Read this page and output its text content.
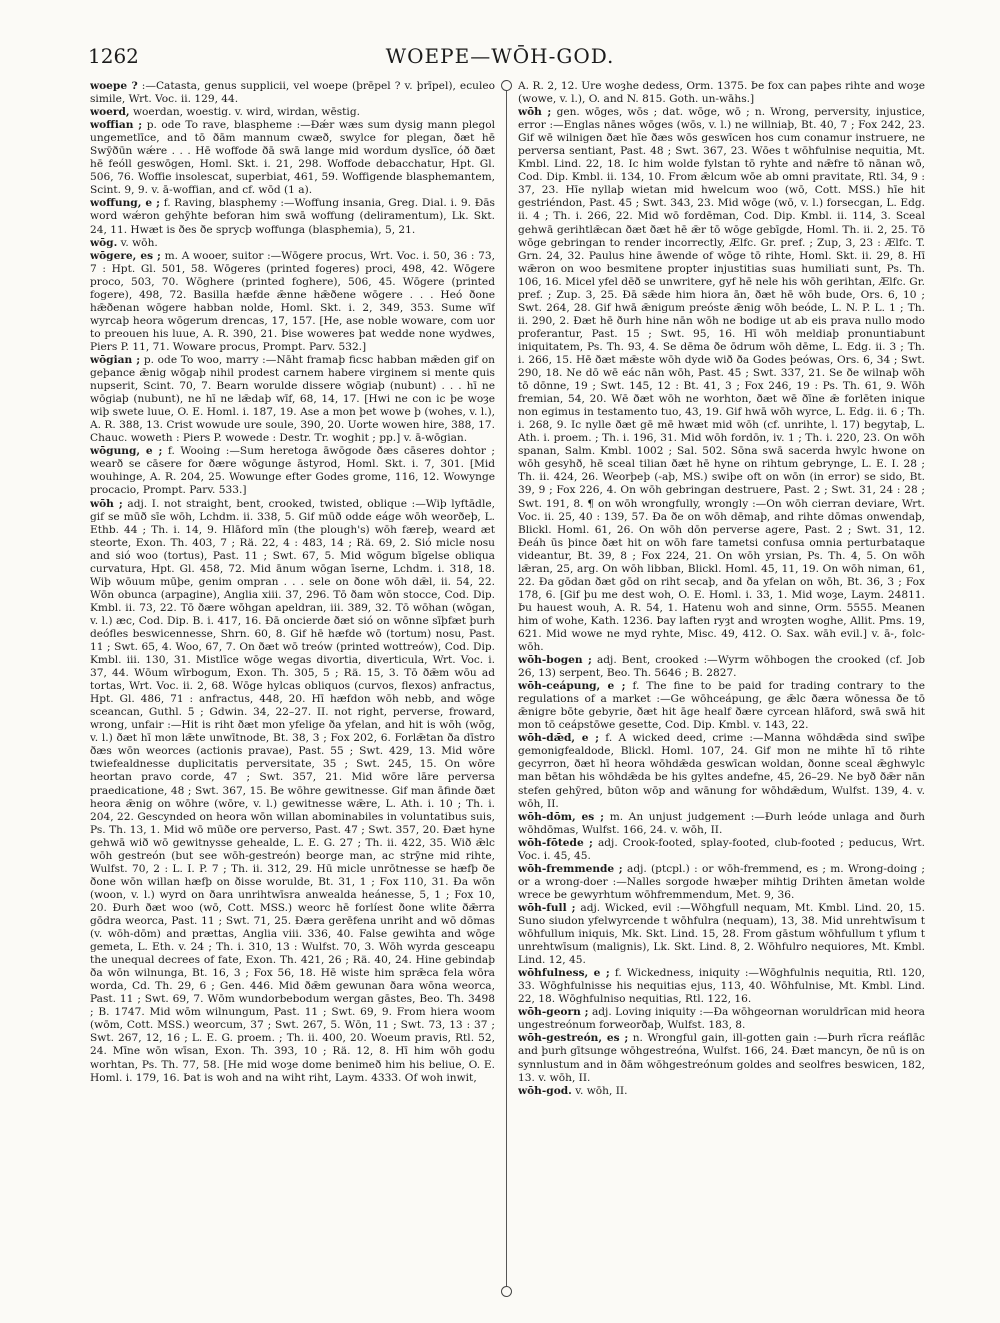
1262	WOEPE—WŌH-GOD.
woepe ? :—Catasta, genus supplicii, vel woepe (þrēpel ? v. þrīpel), eculeo simile, Wrt. Voc. ii. 129, 44.
woerd, woerdan, woestig. v. wird, wirdan, wēstig.
woffian ; p. ode To rave, blaspheme :—Ðǽr wæs sum dysig mann plegol ungemetlīce, and tō ðām mannum cwæð, swylce for plegan, ðæt hē Swȳðūn wǽre . . . Hē woffode ðā swā lange mid wordum dyslīce, óð ðæt hē feóll geswōgen, Homl. Skt. i. 21, 298. Woffode debacchatur, Hpt. Gl. 506, 76. Woffie insolescat, superbiat, 461, 59. Woffigende blasphemantem, Scint. 9, 9. v. ā-woffian, and cf. wōd (1 a).
woffung, e ; f. Raving, blasphemy :—Woffung insania, Greg. Dial. i. 9. Ðās word wǽron gehȳhte beforan him swā woffung (deliramentum), Lk. Skt. 24, 11. Hwæt is ðes ðe sprycþ woffunga (blasphemia), 5, 21.
wōg. v. wōh.
wōgere, es ; m. A wooer, suitor :—Wōgere procus, Wrt. Voc. i. 50, 36 : 73, 7 : Hpt. Gl. 501, 58. Wōgeres (printed fogeres) proci, 498, 42. Wōgere proco, 503, 70. Wōghere (printed foghere), 506, 45. Wōgere (printed fogere), 498, 72. Basilla hæfde ǣnne hǣðene wōgere . . . Heó ðone hǣðenan wōgere habban nolde, Homl. Skt. i. 2, 349, 353. Sume wīf wyrcaþ heora wōgerum drencas, 17, 157. [He, ase noble woware, com uor to preouen his luue, A. R. 390, 21. Þise woweres þat wedde none wydwes, Piers P. 11, 71. Woware procus, Prompt. Parv. 532.]
wōgian ; p. ode To woo, marry :—Nāht framaþ ficsc habban mǣden gif on geþance ǣnig wōgaþ nihil prodest carnem habere virginem si mente quis nupserit, Scint. 70, 7. Bearn worulde dissere wōgiaþ (nubunt) . . . hī ne wōgiaþ (nubunt), ne hī ne lǣdaþ wīf, 68, 14, 17. [Hwi ne con ic þe woȝe wiþ swete luue, O. E. Homl. i. 187, 19. Ase a mon þet wowe þ (wohes, v. l.), A. R. 388, 13. Crist wowude ure soule, 390, 20. Uorte wowen hire, 388, 17. Chauc. woweth : Piers P. wowede : Destr. Tr. woghit ; pp.] v. ā-wōgian.
wōgung, e ; f. Wooing :—Sum heretoga āwōgode ðæs cāseres dohtor ; wearð se cāsere for ðære wōgunge āstyrod, Homl. Skt. i. 7, 301. [Mid wouhinge, A. R. 204, 25. Wowunge efter Godes grome, 116, 12. Wowynge procacio, Prompt. Parv. 533.]
wōh ; adj. I. not straight, bent, crooked, twisted, oblique :—Wiþ lyftādle, gif se mūð sīe wōh, Lchdm. ii. 338, 5. Gif mūð odde eáge wōh weorðeþ, L. Ethb. 44 ; Th. i. 14, 9. Hlāford mīn (the plough's) wōh færeþ, weard æt steorte, Exon. Th. 403, 7 ; Rä. 22, 4 : 483, 14 ; Rä. 69, 2. Sió micle nosu and sió woo (tortus), Past. 11 ; Swt. 67, 5. Mid wōgum bīgelse obliqua curvatura, Hpt. Gl. 458, 72. Mid ānum wōgan īserne, Lchdm. i. 318, 18. Wiþ wōuum mūþe, genim ompran . . . sele on ðone wōh dǣl, ii. 54, 22. Wōn obunca (arpagine), Anglia xiii. 37, 296. Tō ðam wōn stocce, Cod. Dip. Kmbl. ii. 73, 22. Tō ðære wōhgan apeldran, iii. 389, 32. Tō wōhan (wōgan, v. l.) æc, Cod. Dip. B. i. 417, 16. Ðā oncierde ðæt sió on wōnne sīþfæt þurh deófles beswicennesse, Shrn. 60, 8. Gif hē hæfde wō (tortum) nosu, Past. 11 ; Swt. 65, 4. Woo, 67, 7. On ðæt wō treów (printed wottreów), Cod. Dip. Kmbl. iii. 130, 31. Mistlīce wōge wegas divortia, diverticula, Wrt. Voc. i. 37, 44. Wōum wīrbogum, Exon. Th. 305, 5 ; Rä. 15, 3. Tō ðǣm wōu ad tortas, Wrt. Voc. ii. 2, 68. Wōge hylcas obliquos (curvos, flexos) anfractus, Hpt. Gl. 486, 71 : anfractus, 448, 20. Hī hæfdon wōh nebb, and wōge sceancan, Guthl. 5 ; Gdwin. 34, 22–27. II. not right, perverse, froward, wrong, unfair :—Hit is riht ðæt mon yfelige ða yfelan, and hit is wōh (wōg, v. l.) ðæt hī mon lǣte unwītnode, Bt. 38, 3 ; Fox 202, 6. Forlǣtan ða dīstro ðæs wōn weorces (actionis pravae), Past. 55 ; Swt. 429, 13. Mid wōre twiefealdnesse duplicitatis perversitate, 35 ; Swt. 245, 15. On wōre heortan pravo corde, 47 ; Swt. 357, 21. Mid wōre lāre perversa praedicatione, 48 ; Swt. 367, 15. Be wōhre gewitnesse. Gif man āfinde ðæt heora ǣnig on wōhre (wōre, v. l.) gewitnesse wǣre, L. Ath. i. 10 ; Th. i. 204, 22. Gescynded on heora wōn willan abominabiles in voluntatibus suis, Ps. Th. 13, 1. Mid wō mūðe ore perverso, Past. 47 ; Swt. 357, 20. Ðæt hyne gehwā wið wō gewitnysse gehealde, L. E. G. 27 ; Th. ii. 422, 35. Wið ǣlc wōh gestreón (but see wōh-gestreón) beorge man, ac strȳne mid rihte, Wulfst. 70, 2 : L. I. P. 7 ; Th. ii. 312, 29. Hū micle unrōtnesse se hæfþ ðe ðone wōn willan hæfþ on ðisse worulde, Bt. 31, 1 ; Fox 110, 31. Ða wōn (woon, v. l.) wyrd on ðara unrihtwīsra anwealda heánesse, 5, 1 ; Fox 10, 20. Ðurh ðæt woo (wō, Cott. MSS.) weorc hē forlíest ðone wlite ðǣrra gōdra weorca, Past. 11 ; Swt. 71, 25. Ðæra gerēfena unriht and wō dōmas (v. wōh-dōm) and prættas, Anglia viii. 336, 40. False gewihta and wōge gemeta, L. Eth. v. 24 ; Th. i. 310, 13 : Wulfst. 70, 3. Wōh wyrda gesceapu the unequal decrees of fate, Exon. Th. 421, 26 ; Rä. 40, 24. Hine gebindaþ ða wōn wilnunga, Bt. 16, 3 ; Fox 56, 18. Hē wiste him sprǣca fela wōra worda, Cd. Th. 29, 6 ; Gen. 446. Mid ðǣm gewunan ðara wōna weorca, Past. 11 ; Swt. 69, 7. Wōm wundorbebodum wergan gāstes, Beo. Th. 3498 ; B. 1747. Mid wōm wilnungum, Past. 11 ; Swt. 69, 9. From hiera woom (wōm, Cott. MSS.) weorcum, 37 ; Swt. 267, 5. Wōn, 11 ; Swt. 73, 13 : 37 ; Swt. 267, 12, 16 ; L. E. G. proem. ; Th. ii. 400, 20. Woeum pravis, Rtl. 52, 24. Mīne wōn wīsan, Exon. Th. 393, 10 ; Rä. 12, 8. Hī him wōh godu worhtan, Ps. Th. 77, 58. [He mid woȝe dome benimeð him his beliue, O. E. Homl. i. 179, 16. Þat is woh and na wiht riht, Laym. 4333. Of woh inwit,
A. R. 2, 12. Ure woȝhe dedess, Orm. 1375. Þe fox can paþes rihte and woȝe (wowe, v. l.), O. and N. 815. Goth. un-wāhs.]
wōh ; gen. wōges, wōs ; dat. wōge, wō ; n. Wrong, perversity, injustice, error :—Englas nānes wōges (wōs, v. l.) ne willniaþ, Bt. 40, 7 ; Fox 242, 23. Gif wē wilnigen ðæt hīe ðæs wōs geswīcen hos cum conamur instruere, ne perversa sentiant, Past. 48 ; Swt. 367, 23. Wōes t wōhfulnise nequitia, Mt. Kmbl. Lind. 22, 18. Ic him wolde fylstan tō ryhte and nǣfre tō nānan wō, Cod. Dip. Kmbl. ii. 134, 10. From ǣlcum wōe ab omni pravitate, Rtl. 34, 9 : 37, 23. Hīe nyllaþ wietan mid hwelcum woo (wō, Cott. MSS.) hīe hit gestriéndon, Past. 45 ; Swt. 343, 23. Mid wōge (wō, v. l.) forsecgan, L. Edg. ii. 4 ; Th. i. 266, 22. Mid wō fordēman, Cod. Dip. Kmbl. ii. 114, 3. Sceal gehwā gerihtlǣcan ðæt ðæt hē ǣr tō wōge gebīgde, Homl. Th. ii. 2, 25. Tō wōge gebringan to render incorrectly, Ælfc. Gr. pref. ; Zup, 3, 23 : Ælfc. T. Grn. 24, 32. Paulus hine āwende of wōge tō rihte, Homl. Skt. ii. 29, 8. Hī wǣron on woo besmitene propter injustitias suas humiliati sunt, Ps. Th. 106, 16. Micel yfel dēð se unwritere, gyf hē nele his wōh gerihtan, Ælfc. Gr. pref. ; Zup. 3, 25. Ðā sǣde him hiora ān, ðæt hē wōh bude, Ors. 6, 10 ; Swt. 264, 28. Gif hwā ǣnigum preóste ǣnig wōh beóde, L. N. P. L. 1 ; Th. ii. 290, 2. Ðæt hē ðurh hine nān wōh ne bodige ut ab eis prava nullo modo proferantur, Past. 15 ; Swt. 95, 16. Hī wōh meldiaþ pronuntiabunt iniquitatem, Ps. Th. 93, 4. Se dēma ðe ōdrum wōh dēme, L. Edg. ii. 3 ; Th. i. 266, 15. Hē ðæt mǣste wōh dyde wið ða Godes þeówas, Ors. 6, 34 ; Swt. 290, 18. Ne dō wē eác nān wōh, Past. 45 ; Swt. 337, 21. Se ðe wilnaþ wōh tō dōnne, 19 ; Swt. 145, 12 : Bt. 41, 3 ; Fox 246, 19 : Ps. Th. 61, 9. Wōh fremian, 54, 20. Wē ðæt wōh ne worhton, ðæt wē ðīne ǣ forlēten inique non egimus in testamento tuo, 43, 19. Gif hwā wōh wyrce, L. Edg. ii. 6 ; Th. i. 268, 9. Ic nylle ðæt gē mē hwæt mid wōh (cf. unrihte, l. 17) begytaþ, L. Ath. i. proem. ; Th. i. 196, 31. Mid wōh fordōn, iv. 1 ; Th. i. 220, 23. On wōh spanan, Salm. Kmbl. 1002 ; Sal. 502. Sōna swā sacerda hwylc hwone on wōh gesyhð, hē sceal tilian ðæt hē hyne on rihtum gebrynge, L. E. I. 28 ; Th. ii. 424, 26. Weorþeþ (-aþ, MS.) swiþe oft on wōn (in error) se sido, Bt. 39, 9 ; Fox 226, 4. On wōh gebringan destruere, Past. 2 ; Swt. 31, 24 : 28 ; Swt. 191, 8. ¶ on wōh wrongfully, wrongly :—On wōh cierran deviare, Wrt. Voc. ii. 25, 40 : 139, 57. Ða ðe on wōh dēmaþ, and rihte dōmas onwendaþ, Blickl. Homl. 61, 26. On wōh dōn perverse agere, Past. 2 ; Swt. 31, 12. Ðeáh ūs þince ðæt hit on wōh fare tametsi confusa omnia perturbataque videantur, Bt. 39, 8 ; Fox 224, 21. On wōh yrsian, Ps. Th. 4, 5. On wōh lǣran, 25, arg. On wōh libban, Blickl. Homl. 45, 11, 19. On wōh niman, 61, 22. Ða gōdan ðæt gōd on riht secaþ, and ða yfelan on wōh, Bt. 36, 3 ; Fox 178, 6. [Gif þu me dest woh, O. E. Homl. i. 33, 1. Mid woȝe, Laym. 24811. Þu hauest wouh, A. R. 54, 1. Hatenu woh and sinne, Orm. 5555. Meanen him of wohe, Kath. 1236. Þay laften ryȝt and wroȝten woghe, Allit. Pms. 19, 621. Mid wowe ne myd ryhte, Misc. 49, 412. O. Sax. wāh evil.] v. ā-, folc-wōh.
wōh-bogen ; adj. Bent, crooked :—Wyrm wōhbogen the crooked (cf. Job 26, 13) serpent, Beo. Th. 5646 ; B. 2827.
wōh-ceápung, e ; f. The fine to be paid for trading contrary to the regulations of a market :—Ge wōhceápung, ge ǣlc ðæra wōnessa ðe tō ǣnigre bōte gebyrie, ðæt hit āge healf ðære cyrcean hlāford, swā swā hit mon tō ceápstōwe gesette, Cod. Dip. Kmbl. v. 143, 22.
wōh-dǣd, e ; f. A wicked deed, crime :—Manna wōhdǣda sind swīþe gemonigfealdode, Blickl. Homl. 107, 24. Gif mon ne mihte hī tō rihte gecyrron, ðæt hī heora wōhdǣda geswīcan woldan, ðonne sceal ǣghwylc man bētan his wōhdǣda be his gyltes andefne, 45, 26–29. Ne byð ðǣr nān stefen gehȳred, būton wōp and wānung for wōhdǣdum, Wulfst. 139, 4. v. wōh, II.
wōh-dōm, es ; m. An unjust judgement :—Ðurh leóde unlaga and ðurh wōhdōmas, Wulfst. 166, 24. v. wōh, II.
wōh-fōtede ; adj. Crook-footed, splay-footed, club-footed ; peducus, Wrt. Voc. i. 45, 45.
wōh-fremmende ; adj. (ptcpl.) : or wōh-fremmend, es ; m. Wrong-doing ; or a wrong-doer :—Nalles sorgode hwæþer mihtig Drihten āmetan wolde wrece be gewyrhtum wōhfremmendum, Met. 9, 36.
wōh-full ; adj. Wicked, evil :—Wōhgfull nequam, Mt. Kmbl. Lind. 20, 15. Suno siudon yfelwyrcende t wōhfulra (nequam), 13, 38. Mid unrehtwīsum t wōhfullum iniquis, Mk. Skt. Lind. 15, 28. From gāstum wōhfullum t yflum t unrehtwīsum (malignis), Lk. Skt. Lind. 8, 2. Wōhfulro nequiores, Mt. Kmbl. Lind. 12, 45.
wōhfulness, e ; f. Wickedness, iniquity :—Wōghfulnis nequitia, Rtl. 120, 33. Wōghfulnisse his nequitias ejus, 113, 40. Wōhfulnise, Mt. Kmbl. Lind. 22, 18. Wōghfulniso nequitias, Rtl. 122, 16.
wōh-georn ; adj. Loving iniquity :—Ða wōhgeornan woruldrīcan mid heora ungestreónum forweorðaþ, Wulfst. 183, 8.
wōh-gestreón, es ; n. Wrongful gain, ill-gotten gain :—Þurh rīcra reáflāc and þurh gītsunge wōhgestreóna, Wulfst. 166, 24. Ðæt mancyn, ðe nū is on synnlustum and in ðām wōhgestreónum goldes and seolfres beswicen, 182, 13. v. wōh, II.
wōh-god. v. wōh, II.
